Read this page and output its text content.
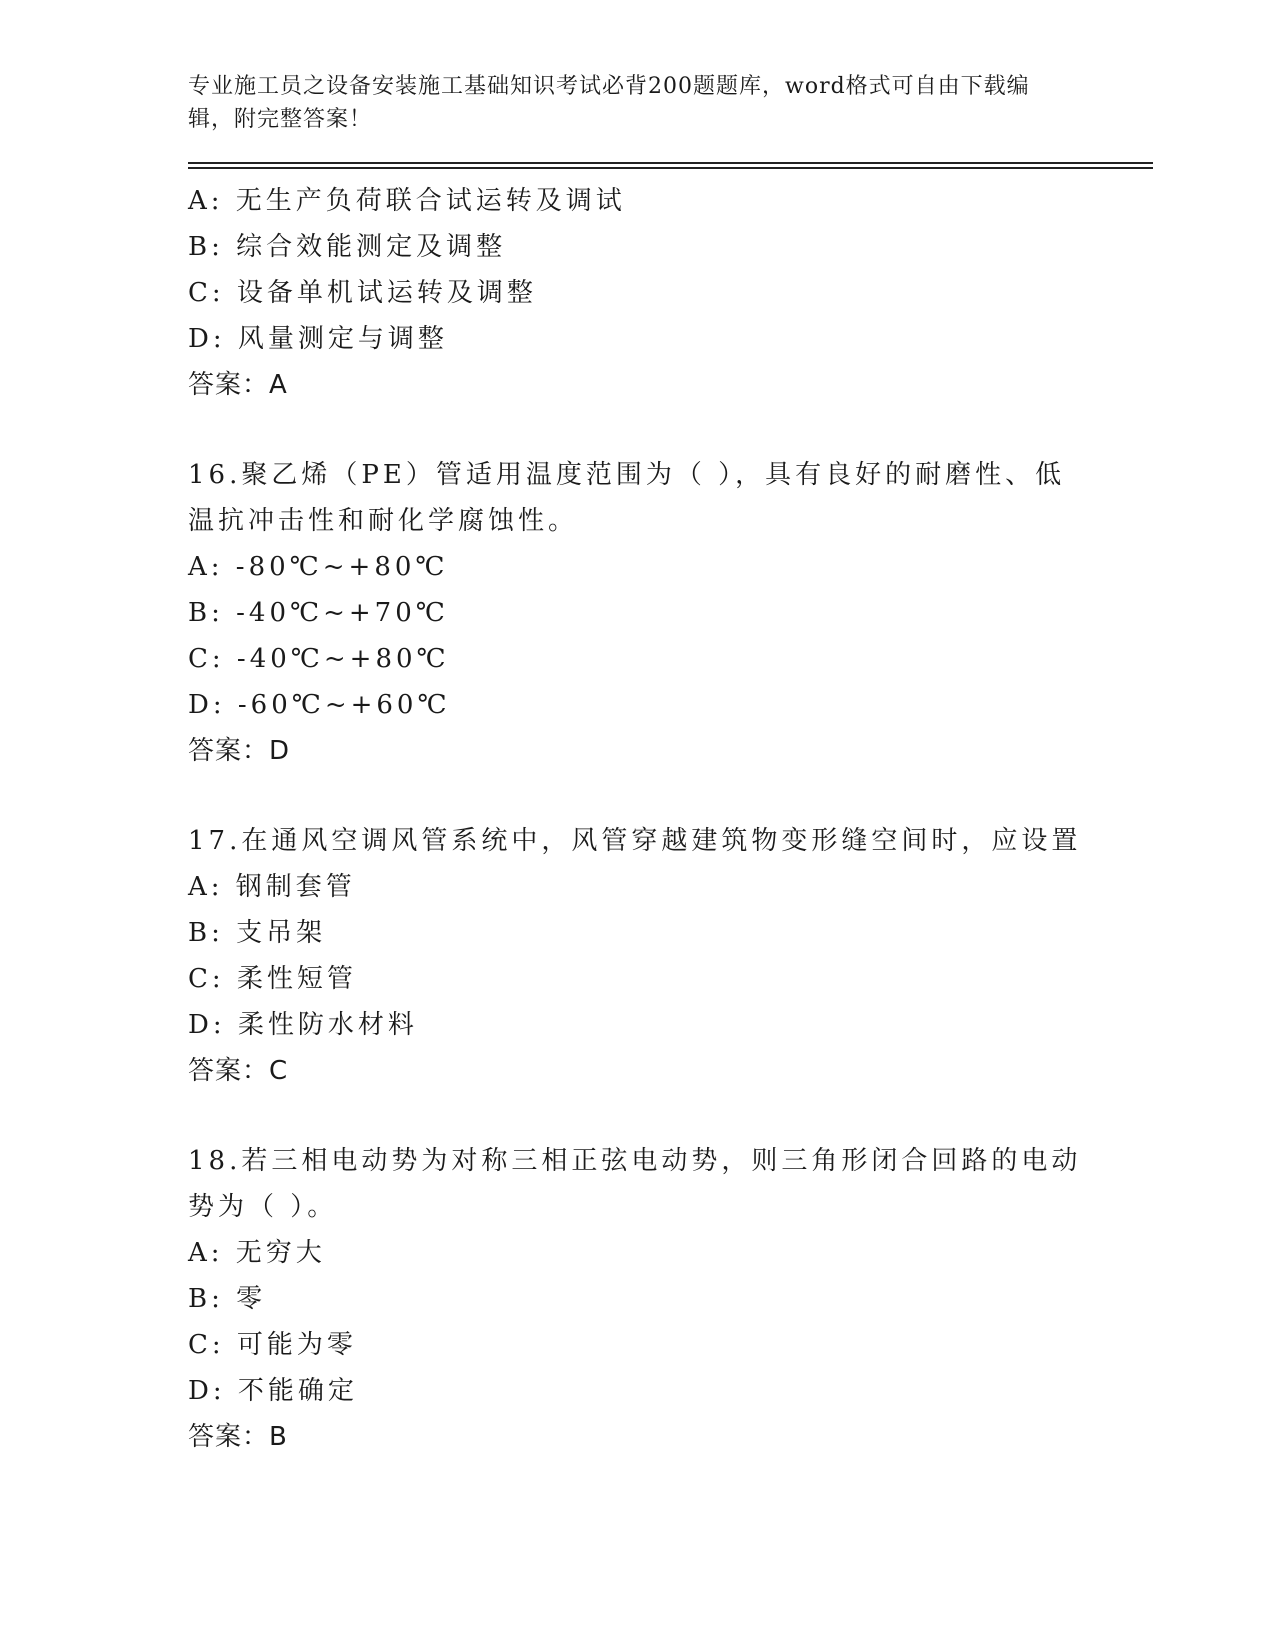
专业施工员之设备安装施工基础知识考试必背200题题库，word格式可自由下载编辑，附完整答案！
A: 无生产负荷联合试运转及调试
B: 综合效能测定及调整
C: 设备单机试运转及调整
D: 风量测定与调整
答案：A
16.聚乙烯（PE）管适用温度范围为（ ），具有良好的耐磨性、低温抗冲击性和耐化学腐蚀性。
A: -80℃~+80℃
B: -40℃~+70℃
C: -40℃~+80℃
D: -60℃~+60℃
答案：D
17.在通风空调风管系统中，风管穿越建筑物变形缝空间时，应设置
A: 钢制套管
B: 支吊架
C: 柔性短管
D: 柔性防水材料
答案：C
18.若三相电动势为对称三相正弦电动势，则三角形闭合回路的电动势为（ ）。
A: 无穷大
B: 零
C: 可能为零
D: 不能确定
答案：B
